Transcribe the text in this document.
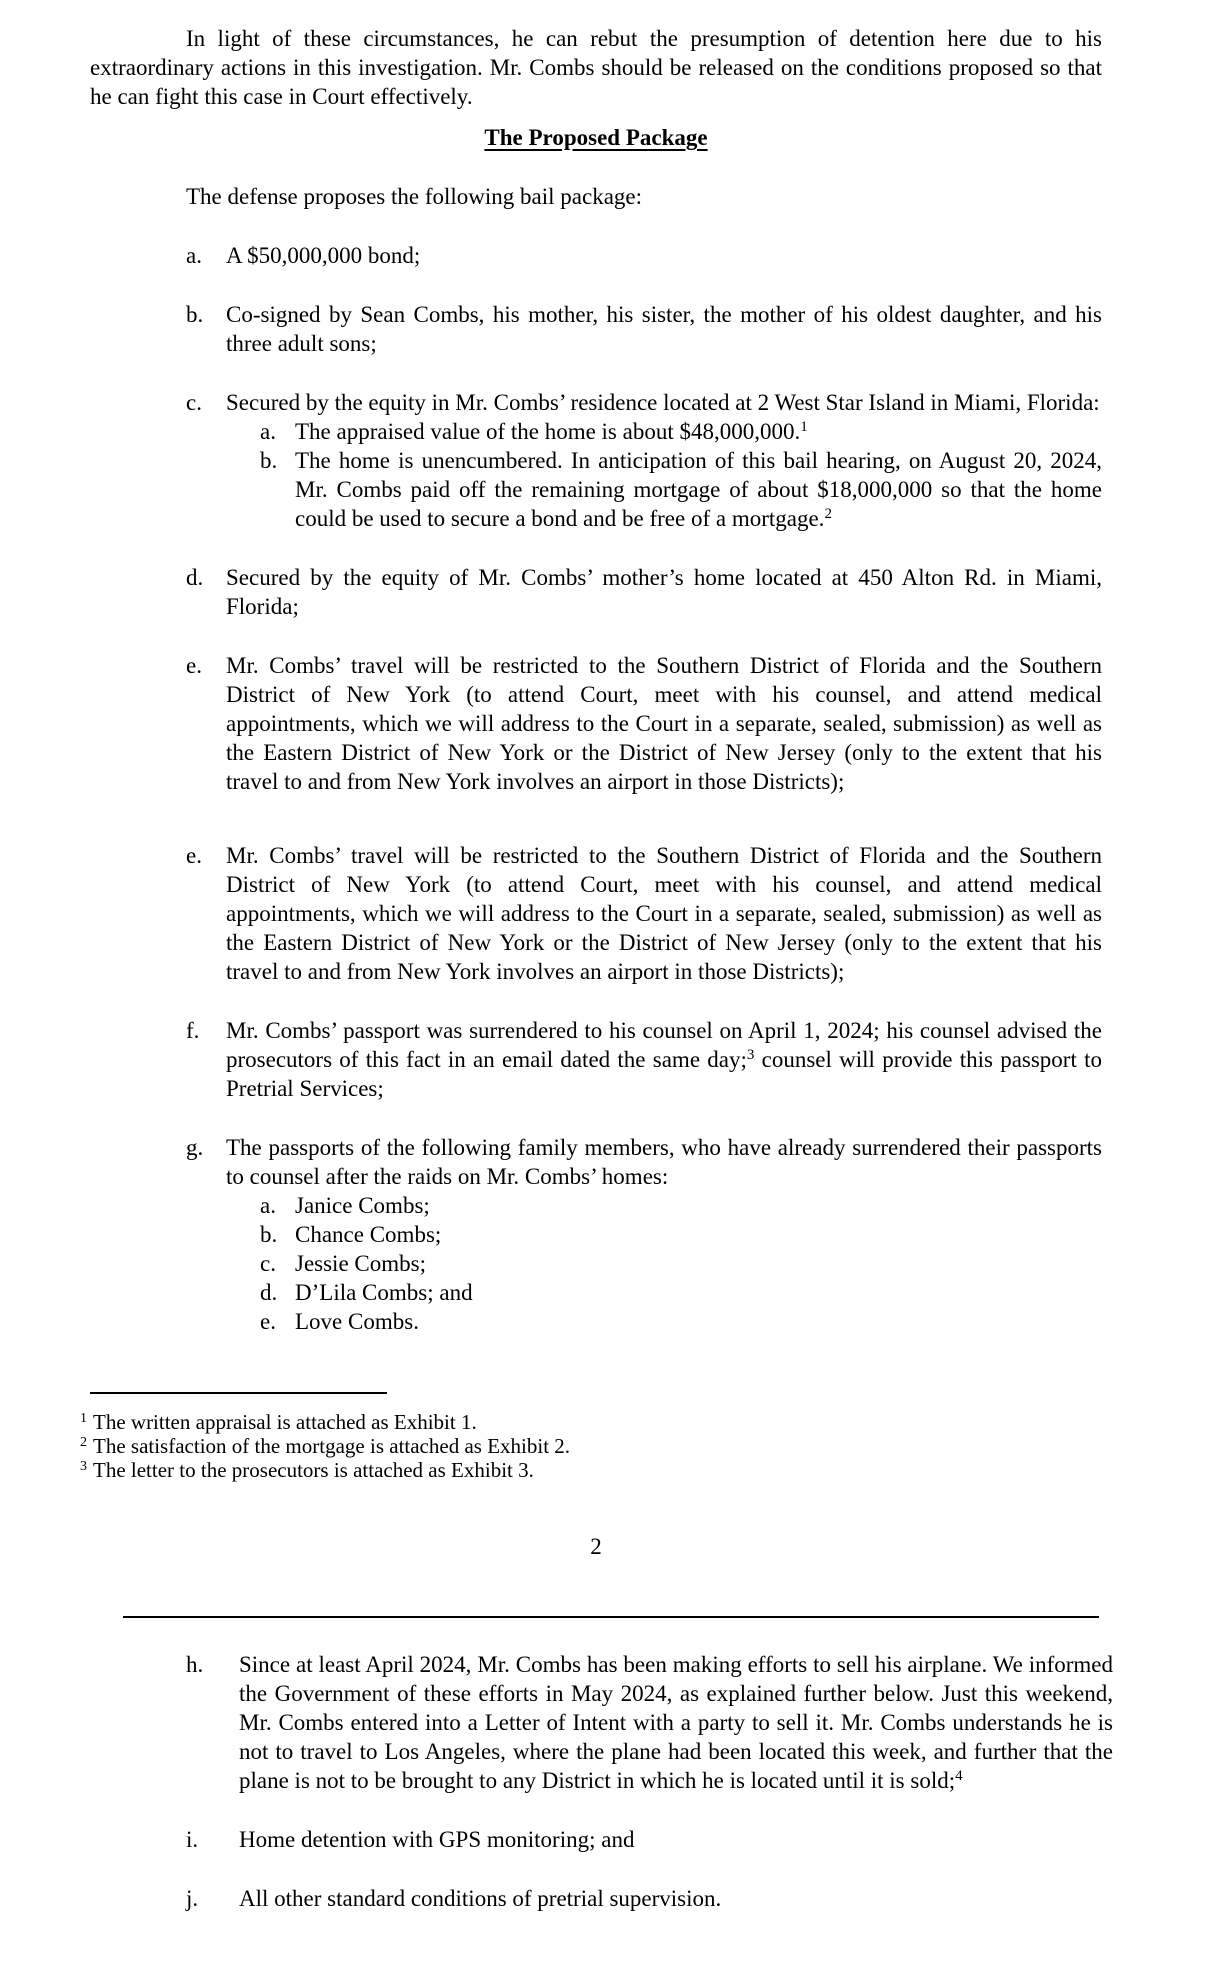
In light of these circumstances, he can rebut the presumption of detention here due to his extraordinary actions in this investigation. Mr. Combs should be released on the conditions proposed so that he can fight this case in Court effectively.

The Proposed Package

The defense proposes the following bail package:

a.	A $50,000,000 bond;
b. Co-signed by Sean Combs, his mother, his sister, the mother of his oldest daughter, and his three adult sons;
c.	Secured by the equity in Mr. Combs’ residence located at 2 West Star Island in Miami, Florida:
a. The appraised value of the home is about $48,000,000.$^1$
b. The home is unencumbered. In anticipation of this bail hearing, on August 20, 2024, Mr. Combs paid off the remaining mortgage of about $18,000,000 so that the home could be used to secure a bond and be free of a mortgage.$^2$
d. Secured by the equity of Mr. Combs’ mother’s home located at 450 Alton Rd. in Miami, Florida;
e.	Mr. Combs’ travel will be restricted to the Southern District of Florida and the Southern District of New York (to attend Court, meet with his counsel, and attend medical appointments, which we will address to the Court in a separate, sealed, submission) as well as the Eastern District of New York or the District of New Jersey (only to the extent that his travel to and from New York involves an airport in those Districts);
e.	Mr. Combs’ travel will be restricted to the Southern District of Florida and the Southern District of New York (to attend Court, meet with his counsel, and attend medical appointments, which we will address to the Court in a separate, sealed, submission) as well as the Eastern District of New York or the District of New Jersey (only to the extent that his travel to and from New York involves an airport in those Districts);
f.	Mr. Combs’ passport was surrendered to his counsel on April 1, 2024; his counsel advised the prosecutors of this fact in an email dated the same day;$^3$ counsel will provide this passport to Pretrial Services;
g. The passports of the following family members, who have already surrendered their passports to counsel after the raids on Mr. Combs’ homes:
a. Janice Combs;
b. Chance Combs;
c. Jessie Combs;
d. D’Lila Combs; and
e. Love Combs.

$^1$ The written appraisal is attached as Exhibit 1.

$^2$ The satisfaction of the mortgage is attached as Exhibit 2.

$^3$ The letter to the prosecutors is attached as Exhibit 3.

2
h.	Since at least April 2024, Mr. Combs has been making efforts to sell his airplane. We informed the Government of these efforts in May 2024, as explained further below. Just this weekend, Mr. Combs entered into a Letter of Intent with a party to sell it. Mr. Combs understands he is not to travel to Los Angeles, where the plane had been located this week, and further that the plane is not to be brought to any District in which he is located until it is sold;$^4$
i.	Home detention with GPS monitoring; and
j.	All other standard conditions of pretrial supervision.
